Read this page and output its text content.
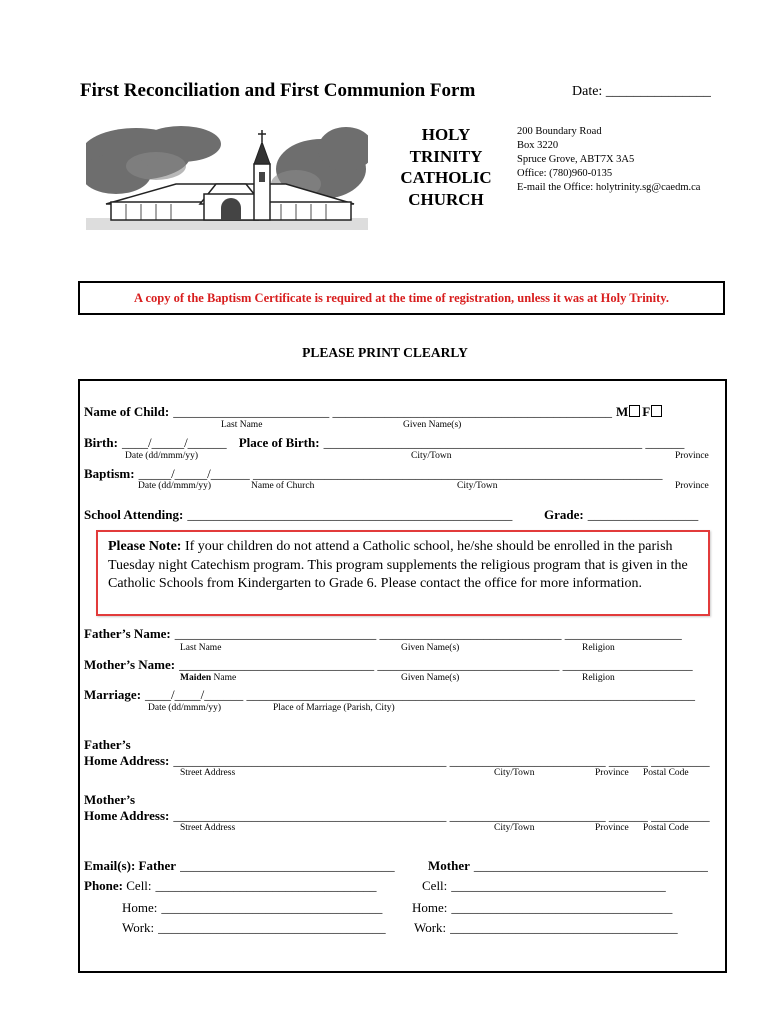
First Reconciliation and First Communion Form	Date: _______________
HOLY TRINITY CATHOLIC CHURCH
200 Boundary Road
Box 3220
Spruce Grove, ABT7X 3A5
Office: (780)960-0135
E-mail the Office: holytrinity.sg@caedm.ca
A copy of the Baptism Certificate is required at the time of registration, unless it was at Holy Trinity.
PLEASE PRINT CLEARLY
Name of Child: ________________________ ___________________________________________ M F
Last Name	Given Name(s)
Birth: ____/_____/______ Place of Birth: _________________________________________________ ______
Date (dd/mmm/yy)	City/Town	Province
Baptism: _____/_____/______ _______________________________________________________________
Date (dd/mmm/yy)	Name of Church	City/Town	Province
School Attending: __________________________________________________ Grade: _________________
Please Note: If your children do not attend a Catholic school, he/she should be enrolled in the parish Tuesday night Catechism program. This program supplements the religious program that is given in the Catholic Schools from Kindergarten to Grade 6. Please contact the office for more information.
Father’s Name: _______________________________ ____________________________ __________________
Last Name	Given Name(s)	Religion
Mother’s Name: ______________________________ ____________________________ ____________________
Maiden Name	Given Name(s)	Religion
Marriage: ____/____/______ _____________________________________________________________________
Date (dd/mmm/yy)	Place of Marriage (Parish, City)
Father’s
Home Address: __________________________________________ ________________________ ______ _________
Street Address	City/Town	Province Postal Code
Mother’s
Home Address: __________________________________________ ________________________ ______ _________
Street Address	City/Town	Province Postal Code
Email(s): Father _________________________________	Mother ____________________________________
Phone: Cell: __________________________________	Cell: _________________________________
Home: __________________________________ Home: __________________________________
Work: ___________________________________ Work: ___________________________________
